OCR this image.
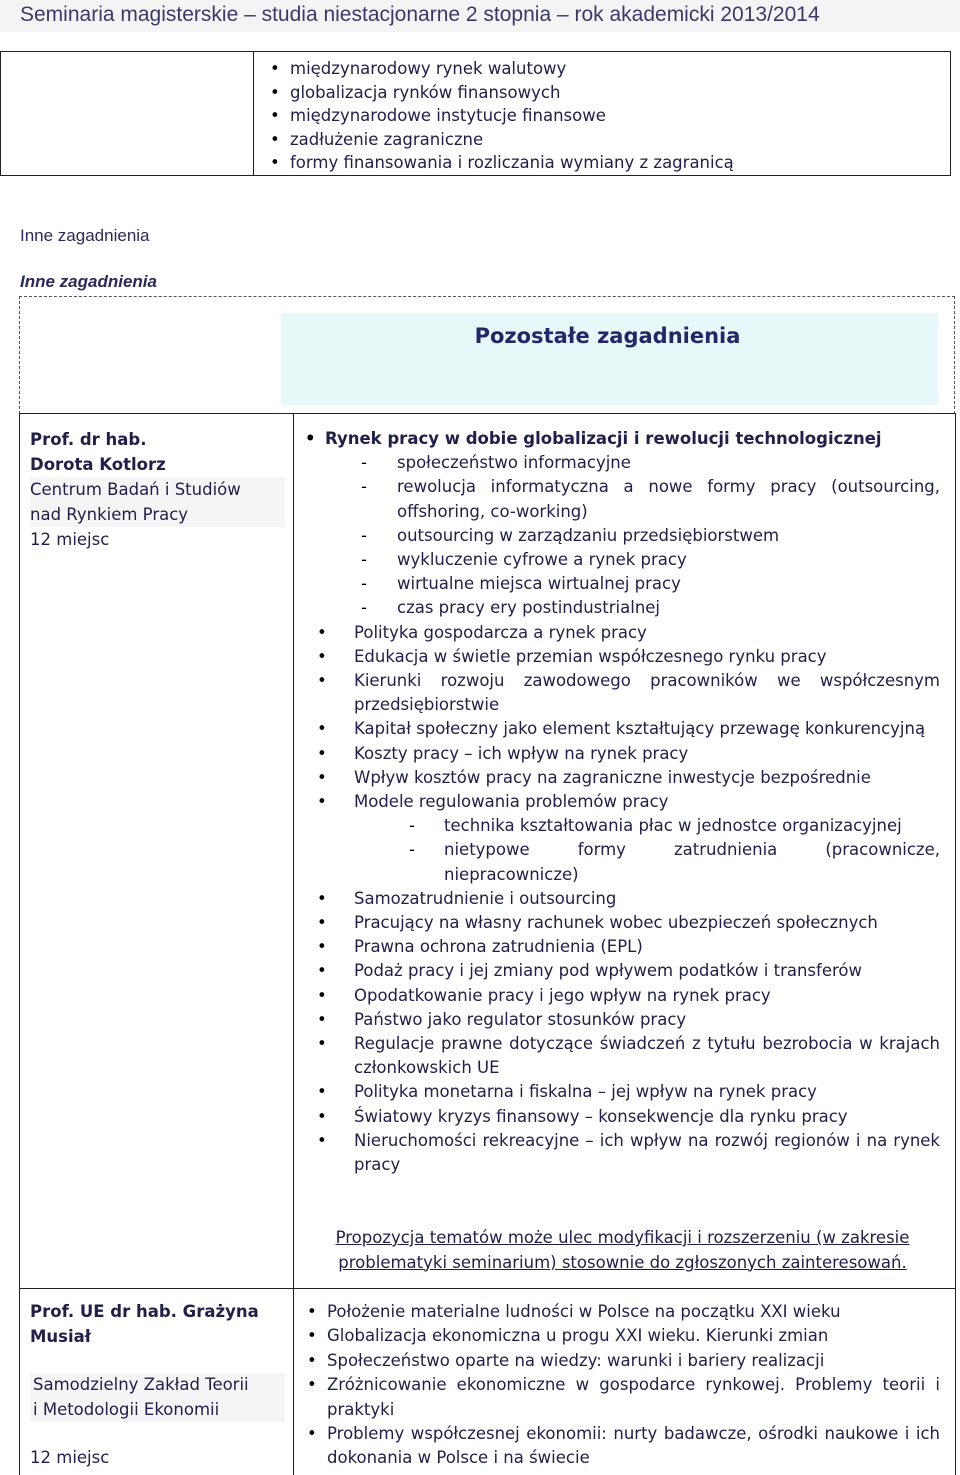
Seminaria magisterskie – studia niestacjonarne 2 stopnia – rok akademicki 2013/2014
• międzynarodowy rynek walutowy
• globalizacja rynków finansowych
• międzynarodowe instytucje finansowe
• zadłużenie zagraniczne
• formy finansowania i rozliczania wymiany z zagranicą
Inne zagadnienia
Inne zagadnienia
Pozostałe zagadnienia
Prof. dr hab.
Dorota Kotlorz
Centrum Badań i Studiów
nad Rynkiem Pracy
12 miejsc
• Rynek pracy w dobie globalizacji i rewolucji technologicznej
- społeczeństwo informacyjne
- rewolucja informatyczna a nowe formy pracy (outsourcing, offshoring, co-working)
- outsourcing w zarządzaniu przedsiębiorstwem
- wykluczenie cyfrowe a rynek pracy
- wirtualne miejsca wirtualnej pracy
- czas pracy ery postindustrialnej
• Polityka gospodarcza a rynek pracy
• Edukacja w świetle przemian współczesnego rynku pracy
• Kierunki rozwoju zawodowego pracowników we współczesnym przedsiębiorstwie
• Kapitał społeczny jako element kształtujący przewagę konkurencyjną
• Koszty pracy – ich wpływ na rynek pracy
• Wpływ kosztów pracy na zagraniczne inwestycje bezpośrednie
• Modele regulowania problemów pracy
- technika kształtowania płac w jednostce organizacyjnej
- nietypowe formy zatrudnienia (pracownicze, niepracownicze)
• Samozatrudnienie i outsourcing
• Pracujący na własny rachunek wobec ubezpieczeń społecznych
• Prawna ochrona zatrudnienia (EPL)
• Podaż pracy i jej zmiany pod wpływem podatków i transferów
• Opodatkowanie pracy i jego wpływ na rynek pracy
• Państwo jako regulator stosunków pracy
• Regulacje prawne dotyczące świadczeń z tytułu bezrobocia w krajach członkowskich UE
• Polityka monetarna i fiskalna – jej wpływ na rynek pracy
• Światowy kryzys finansowy – konsekwencje dla rynku pracy
• Nieruchomości rekreacyjne – ich wpływ na rozwój regionów i na rynek pracy
Propozycja tematów może ulec modyfikacji i rozszerzeniu (w zakresie problematyki seminarium) stosownie do zgłoszonych zainteresowań.
Prof. UE dr hab. Grażyna
Musiał
Samodzielny Zakład Teorii
i Metodologii Ekonomii
12 miejsc
• Położenie materialne ludności w Polsce na początku XXI wieku
• Globalizacja ekonomiczna u progu XXI wieku. Kierunki zmian
• Społeczeństwo oparte na wiedzy: warunki i bariery realizacji
• Zróżnicowanie ekonomiczne w gospodarce rynkowej. Problemy teorii i praktyki
• Problemy współczesnej ekonomii: nurty badawcze, ośrodki naukowe i ich dokonania w Polsce i na świecie
